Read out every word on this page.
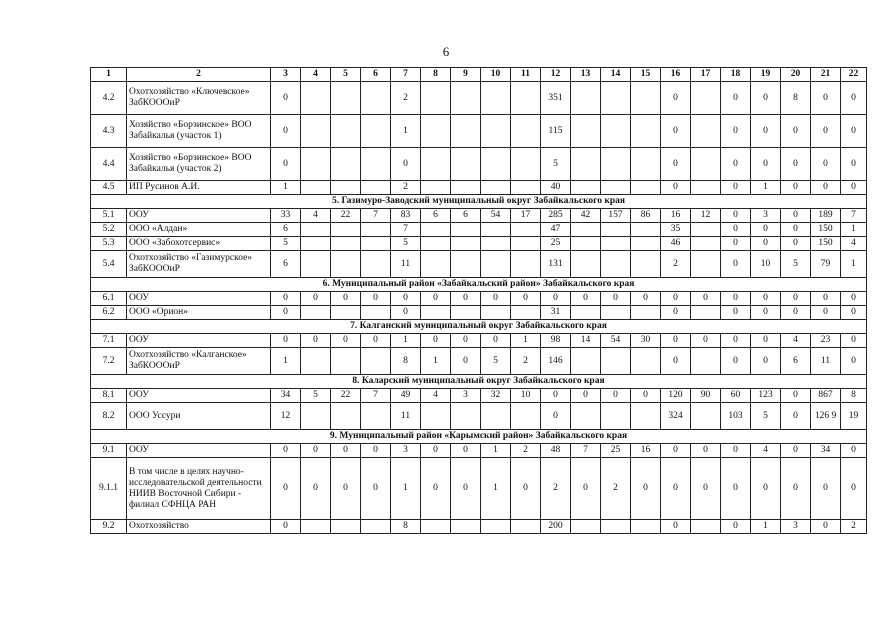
6
1	2	3	4	5	6	7	8	9	10	11	12	13	14	15	16	17	18	19	20	21	22
4.2	Охотхозяйство «Ключевское» ЗабКОООиР	0				2					351				0		0	0	8	0	0
4.3	Хозяйство «Борзинское» ВОО Забайкалья (участок 1)	0				1					115				0		0	0	0	0	0
4.4	Хозяйство «Борзинское» ВОО Забайкалья (участок 2)	0				0					5				0		0	0	0	0	0
4.5	ИП Русинов А.И.	1				2					40				0		0	1	0	0	0
5. Газимуро-Заводский муниципальный округ Забайкальского края																					
5.1	ООУ	33	4	22	7	83	6	6	54	17	285	42	157	86	16	12	0	3	0	189	7
5.2	ООО «Алдан»	6				7					47				35		0	0	0	150	1
5.3	ООО «Забохотсервис»	5				5					25				46		0	0	0	150	4
5.4	Охотхозяйство «Газимурское» ЗабКОООиР	6				11					131				2		0	10	5	79	1
6. Муниципальный район «Забайкальский район» Забайкальского края																					
6.1	ООУ	0	0	0	0	0	0	0	0	0	0	0	0	0	0	0	0	0	0	0	0
6.2	ООО «Орион»	0				0					31				0		0	0	0	0	0
7. Калганский муниципальный округ Забайкальского края																					
7.1	ООУ	0	0	0	0	1	0	0	0	1	98	14	54	30	0	0	0	0	4	23	0
7.2	Охотхозяйство «Калганское» ЗабКОООиР	1				8	1	0	5	2	146				0		0	0	6	11	0
8. Каларский муниципальный округ Забайкальского края																					
8.1	ООУ	34	5	22	7	49	4	3	32	10	0	0	0	0	120	90	60	123	0	867	8
8.2	ООО Уссури	12				11					0				324		103	5	0	126 9	19
9. Муниципальный район «Карымский район» Забайкальского края																					
9.1	ООУ	0	0	0	0	3	0	0	1	2	48	7	25	16	0	0	0	4	0	34	0
9.1.1	В том числе в целях научно-исследовательской деятельности НИИВ Восточной Сибири - филиал СФНЦА РАН	0	0	0	0	1	0	0	1	0	2	0	2	0	0	0	0	0	0	0	0
9.2	Охотхозяйство	0				8					200				0		0	1	3	0	2
